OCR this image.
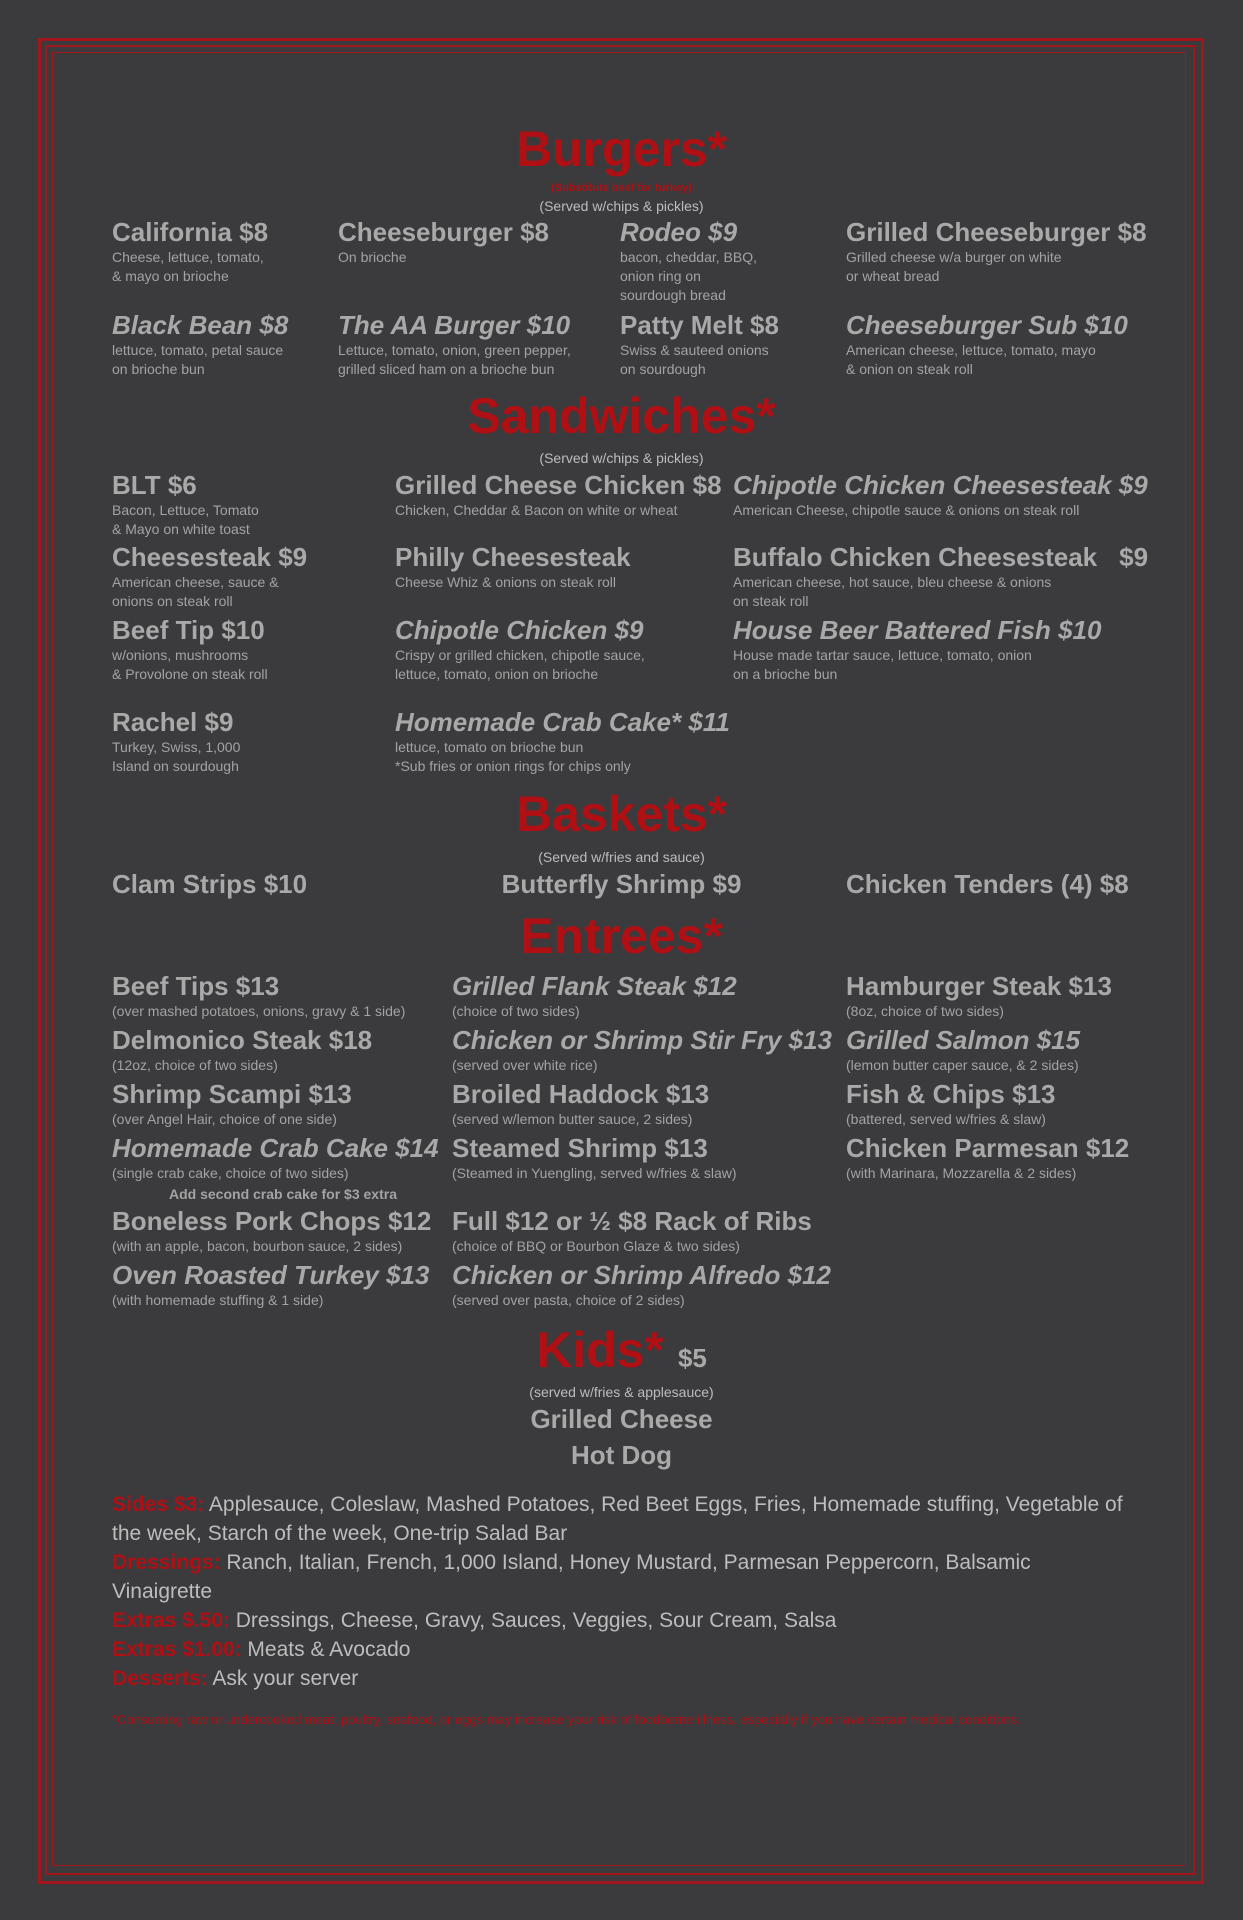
Burgers*
(Substitute beef for turkey)
(Served w/chips & pickles)
California $8
Cheese, lettuce, tomato,
& mayo on brioche
Cheeseburger $8
On brioche
Rodeo $9
bacon, cheddar, BBQ,
onion ring on
sourdough bread
Grilled Cheeseburger $8
Grilled cheese w/a burger on white
or wheat bread
Black Bean $8
lettuce, tomato, petal sauce
on brioche bun
The AA Burger $10
Lettuce, tomato, onion, green pepper,
grilled sliced ham on a brioche bun
Patty Melt $8
Swiss & sauteed onions
on sourdough
Cheeseburger Sub $10
American cheese, lettuce, tomato, mayo
& onion on steak roll
Sandwiches*
(Served w/chips & pickles)
BLT $6
Bacon, Lettuce, Tomato
& Mayo on white toast
Grilled Cheese Chicken $8
Chicken, Cheddar & Bacon on white or wheat
Chipotle Chicken Cheesesteak $9
American Cheese, chipotle sauce & onions on steak roll
Cheesesteak $9
American cheese, sauce &
onions on steak roll
Philly Cheesesteak
Cheese Whiz & onions on steak roll
Buffalo Chicken Cheesesteak $9
American cheese, hot sauce, bleu cheese & onions
on steak roll
Beef Tip $10
w/onions, mushrooms
& Provolone on steak roll
Chipotle Chicken $9
Crispy or grilled chicken, chipotle sauce,
lettuce, tomato, onion on brioche
House Beer Battered Fish $10
House made tartar sauce, lettuce, tomato, onion
on a brioche bun
Rachel $9
Turkey, Swiss, 1,000
Island on sourdough
Homemade Crab Cake* $11
lettuce, tomato on brioche bun
*Sub fries or onion rings for chips only
Baskets*
(Served w/fries and sauce)
Clam Strips $10	Butterfly Shrimp $9	Chicken Tenders (4) $8
Entrees*
Beef Tips $13
(over mashed potatoes, onions, gravy & 1 side)
Delmonico Steak $18
(12oz, choice of two sides)
Shrimp Scampi $13
(over Angel Hair, choice of one side)
Homemade Crab Cake $14
(single crab cake, choice of two sides)
Add second crab cake for $3 extra
Boneless Pork Chops $12
(with an apple, bacon, bourbon sauce, 2 sides)
Oven Roasted Turkey $13
(with homemade stuffing & 1 side)
Grilled Flank Steak $12
(choice of two sides)
Chicken or Shrimp Stir Fry $13
(served over white rice)
Broiled Haddock $13
(served w/lemon butter sauce, 2 sides)
Steamed Shrimp $13
(Steamed in Yuengling, served w/fries & slaw)
Full $12 or ½ $8 Rack of Ribs
(choice of BBQ or Bourbon Glaze & two sides)
Chicken or Shrimp Alfredo $12
(served over pasta, choice of 2 sides)
Hamburger Steak $13
(8oz, choice of two sides)
Grilled Salmon $15
(lemon butter caper sauce, & 2 sides)
Fish & Chips $13
(battered, served w/fries & slaw)
Chicken Parmesan $12
(with Marinara, Mozzarella & 2 sides)
Kids* $5
(served w/fries & applesauce)
Grilled Cheese
Hot Dog
Sides $3: Applesauce, Coleslaw, Mashed Potatoes, Red Beet Eggs, Fries, Homemade stuffing, Vegetable of the week, Starch of the week, One-trip Salad Bar
Dressings: Ranch, Italian, French, 1,000 Island, Honey Mustard, Parmesan Peppercorn, Balsamic Vinaigrette
Extras $.50: Dressings, Cheese, Gravy, Sauces, Veggies, Sour Cream, Salsa
Extras $1.00: Meats & Avocado
Desserts: Ask your server
*Consuming raw or undercooked meat, poultry, seafood, or eggs may increase your risk of foodborne illness, especially if you have certain medical conditions.
